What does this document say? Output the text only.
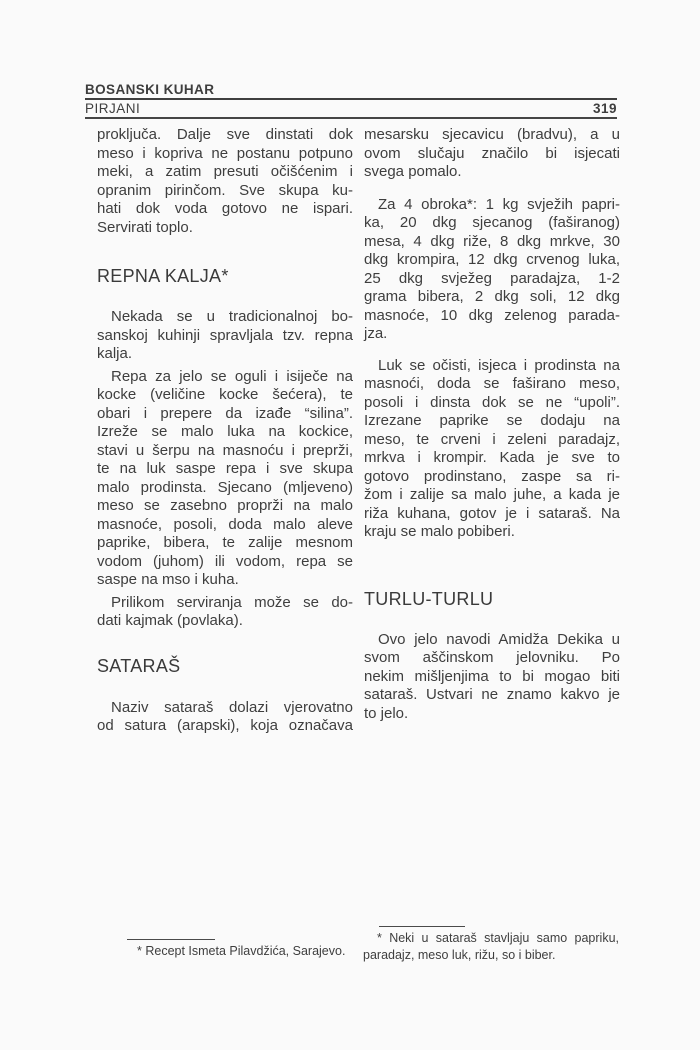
BOSANSKI KUHAR
PIRJANI	319
proključa. Dalje sve dinstati dok
meso i kopriva ne postanu potpuno
meki, a zatim presuti očišćenim i
opranim pirinčom. Sve skupa ku-
hati dok voda gotovo ne ispari.
Servirati toplo.
REPNA KALJA*
Nekada se u tradicionalnoj bo-
sanskoj kuhinji spravljala tzv. repna
kalja.
Repa za jelo se oguli i isiječe na
kocke (veličine kocke šećera), te
obari i prepere da izađe “silina”.
Izreže se malo luka na kockice,
stavi u šerpu na masnoću i preprži,
te na luk saspe repa i sve skupa
malo prodinsta. Sjecano (mljeveno)
meso se zasebno proprži na malo
masnoće, posoli, doda malo aleve
paprike, bibera, te zalije mesnom
vodom (juhom) ili vodom, repa se
saspe na mso i kuha.
Prilikom serviranja može se do-
dati kajmak (povlaka).
SATARAŠ
Naziv sataraš dolazi vjerovatno
od satura (arapski), koja označava
mesarsku sjecavicu (bradvu), a u
ovom slučaju značilo bi isjecati
svega pomalo.
Za 4 obroka*: 1 kg svježih papri-
ka, 20 dkg sjecanog (faširanog)
mesa, 4 dkg riže, 8 dkg mrkve, 30
dkg krompira, 12 dkg crvenog luka,
25 dkg svježeg paradajza, 1-2
grama bibera, 2 dkg soli, 12 dkg
masnoće, 10 dkg zelenog parada-
jza.
Luk se očisti, isjeca i prodinsta na
masnoći, doda se faširano meso,
posoli i dinsta dok se ne “upoli”.
Izrezane paprike se dodaju na
meso, te crveni i zeleni paradajz,
mrkva i krompir. Kada je sve to
gotovo prodinstano, zaspe sa ri-
žom i zalije sa malo juhe, a kada je
riža kuhana, gotov je i sataraš. Na
kraju se malo pobiberi.
TURLU-TURLU
Ovo jelo navodi Amidža Dekika u
svom aščinskom jelovniku. Po
nekim mišljenjima to bi mogao biti
sataraš. Ustvari ne znamo kakvo je
to jelo.
* Recept Ismeta Pilavdžića, Sarajevo.
* Neki u sataraš stavljaju samo papriku,
paradajz, meso luk, rižu, so i biber.
